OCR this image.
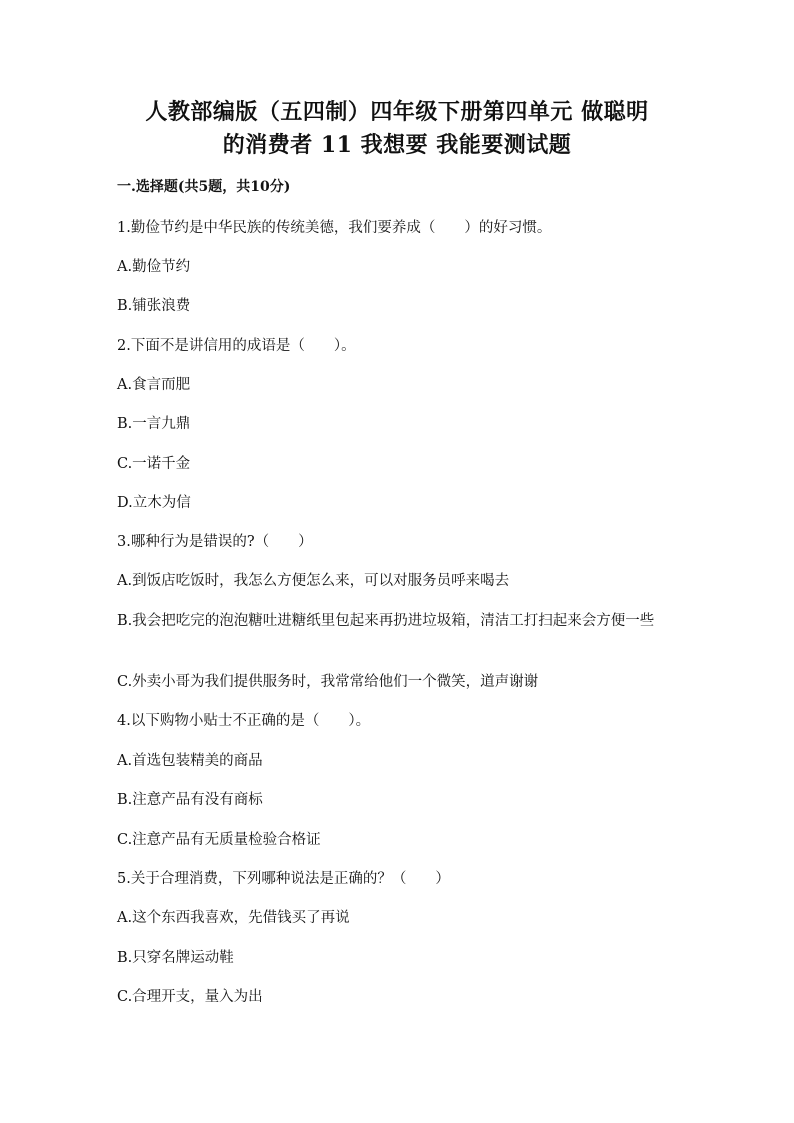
人教部编版（五四制）四年级下册第四单元 做聪明
的消费者 11 我想要 我能要测试题
一.选择题(共5题，共10分)
1.勤俭节约是中华民族的传统美德，我们要养成（　　）的好习惯。
A.勤俭节约
B.铺张浪费
2.下面不是讲信用的成语是（　　）。
A.食言而肥
B.一言九鼎
C.一诺千金
D.立木为信
3.哪种行为是错误的?（　　）
A.到饭店吃饭时，我怎么方便怎么来，可以对服务员呼来喝去
B.我会把吃完的泡泡糖吐进糖纸里包起来再扔进垃圾箱，清洁工打扫起来会方便一些
C.外卖小哥为我们提供服务时，我常常给他们一个微笑，道声谢谢
4.以下购物小贴士不正确的是（　　）。
A.首选包装精美的商品
B.注意产品有没有商标
C.注意产品有无质量检验合格证
5.关于合理消费，下列哪种说法是正确的？（　　）
A.这个东西我喜欢，先借钱买了再说
B.只穿名牌运动鞋
C.合理开支，量入为出
